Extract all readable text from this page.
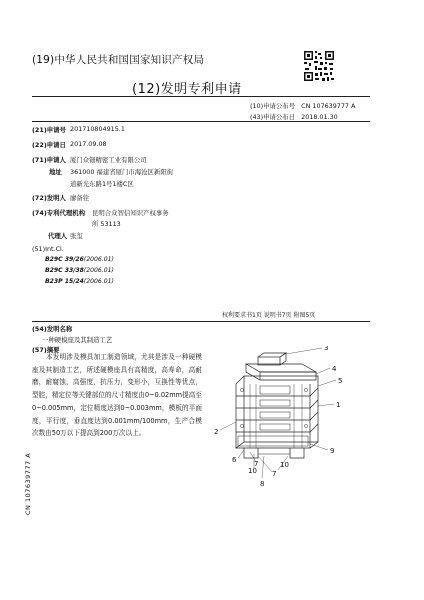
(19)中华人民共和国国家知识产权局
(12)发明专利申请
(10)申请公布号 CN 107639777 A
(43)申请公布日 2018.01.30
(21)申请号 201710804915.1
(22)申请日 2017.09.08
(71)申请人 厦门众钿精密工业有限公司
地址 361000 福建省厦门市海沧区新阳街
道新光东路1号1楼C区
(72)发明人 廖备铨
(74)专利代理机构 昆明合众智信知识产权事务
所 53113
代理人 张玺
(51)Int.Cl.
B29C 39/26(2006.01)
B29C 33/38(2006.01)
B23P 15/24(2006.01)
权利要求书1页 说明书7页 附图5页
(54)发明名称
一种硬模座及其制造工艺
(57)摘要
本发明涉及模具加工制造领域，尤其是涉及一种硬模座及其制造工艺，所述硬模座具有高精度，高寿命，高耐磨，耐腐蚀，高强度，抗压力，变形小，互换性等优点，型腔，精定位等关键部位的尺寸精度由0~0.02mm提高至0~0.005mm，定位精度达到0~0.003mm，模板的平面度，平行度，垂直度达到0.001mm/100mm，生产合模次数由50万以下提高到200万次以上。
3
4
5
1
2
6	7
10 7
10
8
9
CN 107639777 A
